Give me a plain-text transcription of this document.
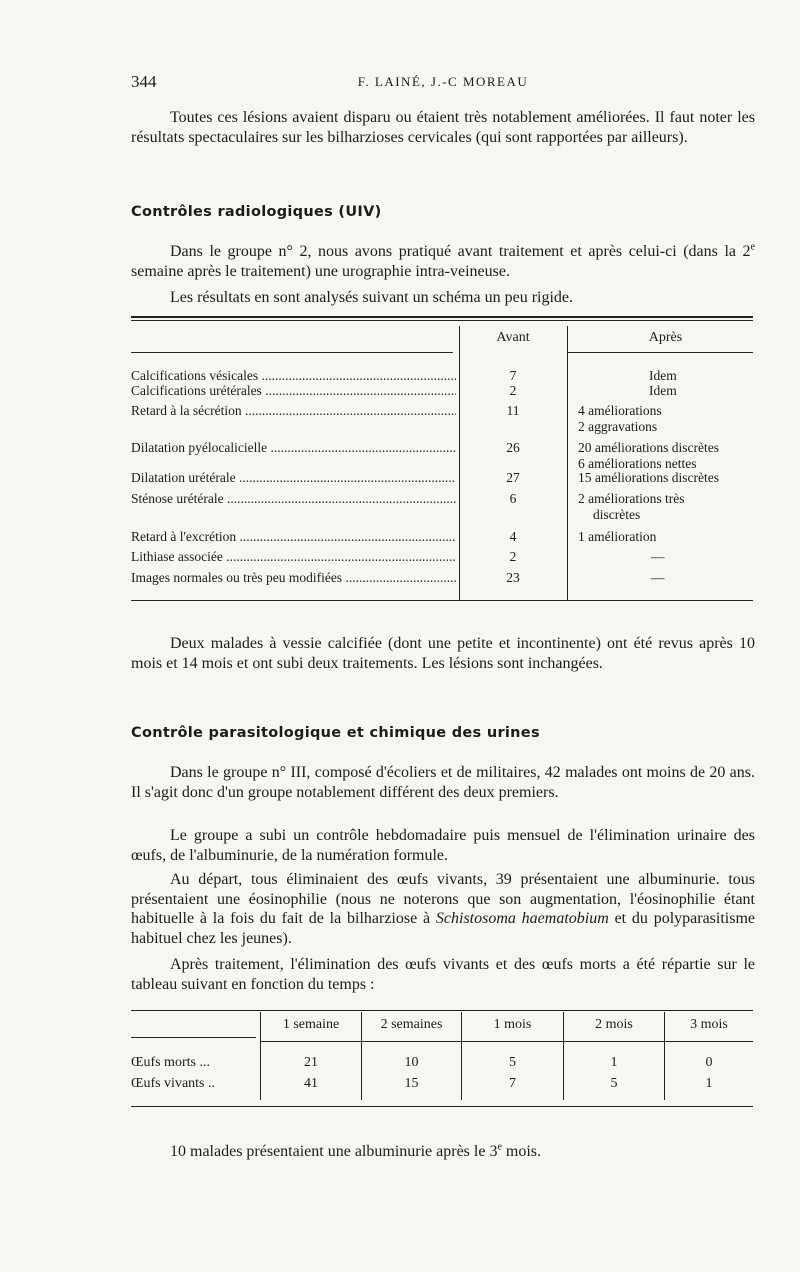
344	F. LAINÉ, J.-C MOREAU
Toutes ces lésions avaient disparu ou étaient très notablement améliorées. Il faut noter les résultats spectaculaires sur les bilharzioses cervicales (qui sont rapportées par ailleurs).
Contrôles radiologiques (UIV)
Dans le groupe n° 2, nous avons pratiqué avant traitement et après celui-ci (dans la 2e semaine après le traitement) une urographie intra-veineuse.
Les résultats en sont analysés suivant un schéma un peu rigide.
Avant	Après
Calcifications vésicales .....	7	Idem
Calcifications urétérales .....	2	Idem
Retard à la sécrétion .....	11	4 améliorations
2 aggravations
Dilatation pyélocalicielle .....	26	20 améliorations discrètes
6 améliorations nettes
Dilatation urétérale .....	27	15 améliorations discrètes
Sténose urétérale .....	6	2 améliorations très
discrètes
Retard à l'excrétion .....	4	1 amélioration
Lithiase associée .....	2	—
Images normales ou très peu modifiées .....	23	—
Deux malades à vessie calcifiée (dont une petite et incontinente) ont été revus après 10 mois et 14 mois et ont subi deux traitements. Les lésions sont inchangées.
Contrôle parasitologique et chimique des urines
Dans le groupe n° III, composé d'écoliers et de militaires, 42 malades ont moins de 20 ans. Il s'agit donc d'un groupe notablement différent des deux premiers.
Le groupe a subi un contrôle hebdomadaire puis mensuel de l'élimination urinaire des œufs, de l'albuminurie, de la numération formule.
Au départ, tous éliminaient des œufs vivants, 39 présentaient une albuminurie. tous présentaient une éosinophilie (nous ne noterons que son augmentation, l'éosinophilie étant habituelle à la fois du fait de la bilharziose à Schistosoma haematobium et du polyparasitisme habituel chez les jeunes).
Après traitement, l'élimination des œufs vivants et des œufs morts a été répartie sur le tableau suivant en fonction du temps :
1 semaine	2 semaines	1 mois	2 mois	3 mois
Œufs morts ...	21	10	5	1	0
Œufs vivants ..	41	15	7	5	1
10 malades présentaient une albuminurie après le 3e mois.
